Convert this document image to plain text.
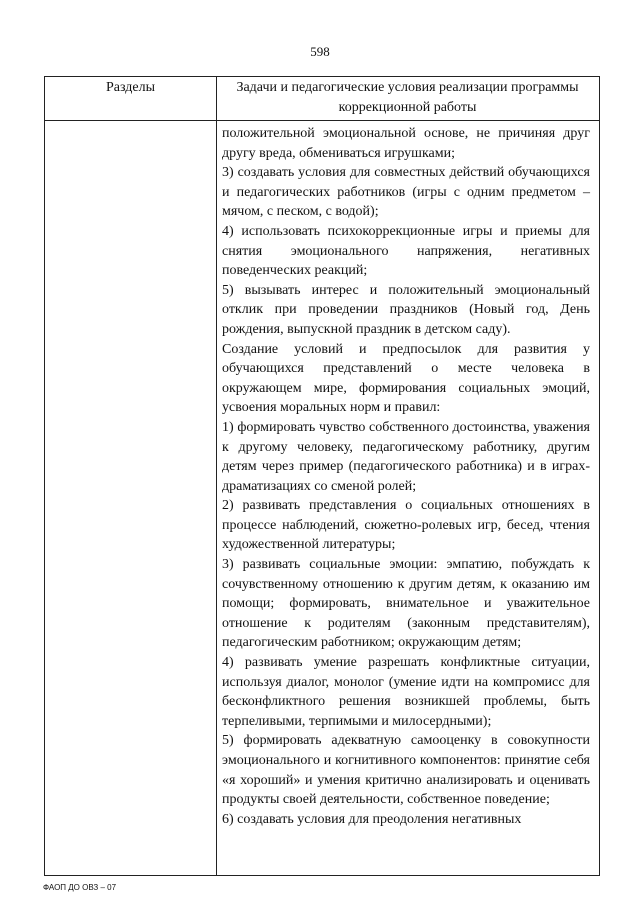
598
Разделы	Задачи и педагогические условия реализации программы коррекционной работы

положительной эмоциональной основе, не причиняя друг другу вреда, обмениваться игрушками;

3) создавать условия для совместных действий обучающихся и педагогических работников (игры с одним предметом – мячом, с песком, с водой);

4) использовать психокоррекционные игры и приемы для снятия эмоционального напряжения, негативных поведенческих реакций;

5) вызывать интерес и положительный эмоциональный отклик при проведении праздников (Новый год, День рождения, выпускной праздник в детском саду).

Создание условий и предпосылок для развития у обучающихся представлений о месте человека в окружающем мире, формирования социальных эмоций, усвоения моральных норм и правил:

1) формировать чувство собственного достоинства, уважения к другому человеку, педагогическому работнику, другим детям через пример (педагогического работника) и в играх-драматизациях со сменой ролей;

2) развивать представления о социальных отношениях в процессе наблюдений, сюжетно-ролевых игр, бесед, чтения художественной литературы;

3) развивать социальные эмоции: эмпатию, побуждать к сочувственному отношению к другим детям, к оказанию им помощи; формировать, внимательное и уважительное отношение к родителям (законным представителям), педагогическим работником; окружающим детям;

4) развивать умение разрешать конфликтные ситуации, используя диалог, монолог (умение идти на компромисс для бесконфликтного решения возникшей проблемы, быть терпеливыми, терпимыми и милосердными);

5) формировать адекватную самооценку в совокупности эмоционального и когнитивного компонентов: принятие себя «я хороший» и умения критично анализировать и оценивать продукты своей деятельности, собственное поведение;

6) создавать условия для преодоления негативных

ФАОП ДО ОВЗ – 07
